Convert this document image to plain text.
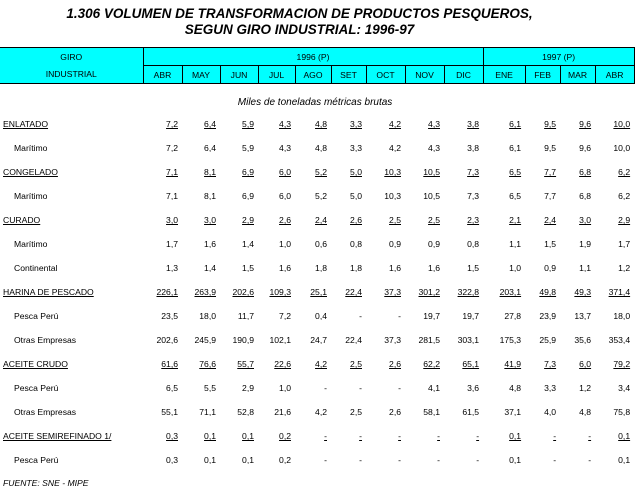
1.306 VOLUMEN DE TRANSFORMACION DE PRODUCTOS PESQUEROS,
SEGUN GIRO INDUSTRIAL: 1996-97
GIRO	1996 (P)									1997 (P)			
INDUSTRIAL	ABR	MAY	JUN	JUL	AGO	SET	OCT	NOV	DIC	ENE	FEB	MAR	ABR

Miles de toneladas métricas brutas													
ENLATADO	7,2	6,4	5,9	4,3	4,8	3,3	4,2	4,3	3,8	6,1	9,5	9,6	10,0
Marítimo	7,2	6,4	5,9	4,3	4,8	3,3	4,2	4,3	3,8	6,1	9,5	9,6	10,0
CONGELADO	7,1	8,1	6,9	6,0	5,2	5,0	10,3	10,5	7,3	6,5	7,7	6,8	6,2
Marítimo	7,1	8,1	6,9	6,0	5,2	5,0	10,3	10,5	7,3	6,5	7,7	6,8	6,2
CURADO	3,0	3,0	2,9	2,6	2,4	2,6	2,5	2,5	2,3	2,1	2,4	3,0	2,9
Marítimo	1,7	1,6	1,4	1,0	0,6	0,8	0,9	0,9	0,8	1,1	1,5	1,9	1,7
Continental	1,3	1,4	1,5	1,6	1,8	1,8	1,6	1,6	1,5	1,0	0,9	1,1	1,2
HARINA DE PESCADO	226,1	263,9	202,6	109,3	25,1	22,4	37,3	301,2	322,8	203,1	49,8	49,3	371,4
Pesca Perú	23,5	18,0	11,7	7,2	0,4	-	-	19,7	19,7	27,8	23,9	13,7	18,0
Otras Empresas	202,6	245,9	190,9	102,1	24,7	22,4	37,3	281,5	303,1	175,3	25,9	35,6	353,4
ACEITE CRUDO	61,6	76,6	55,7	22,6	4,2	2,5	2,6	62,2	65,1	41,9	7,3	6,0	79,2
Pesca Perú	6,5	5,5	2,9	1,0	-	-	-	4,1	3,6	4,8	3,3	1,2	3,4
Otras Empresas	55,1	71,1	52,8	21,6	4,2	2,5	2,6	58,1	61,5	37,1	4,0	4,8	75,8
ACEITE SEMIREFINADO 1/	0,3	0,1	0,1	0,2	-	-	-	-	-	0,1	-	-	0,1
Pesca Perú	0,3	0,1	0,1	0,2	-	-	-	-	-	0,1	-	-	0,1
FUENTE: SNE - MIPE
